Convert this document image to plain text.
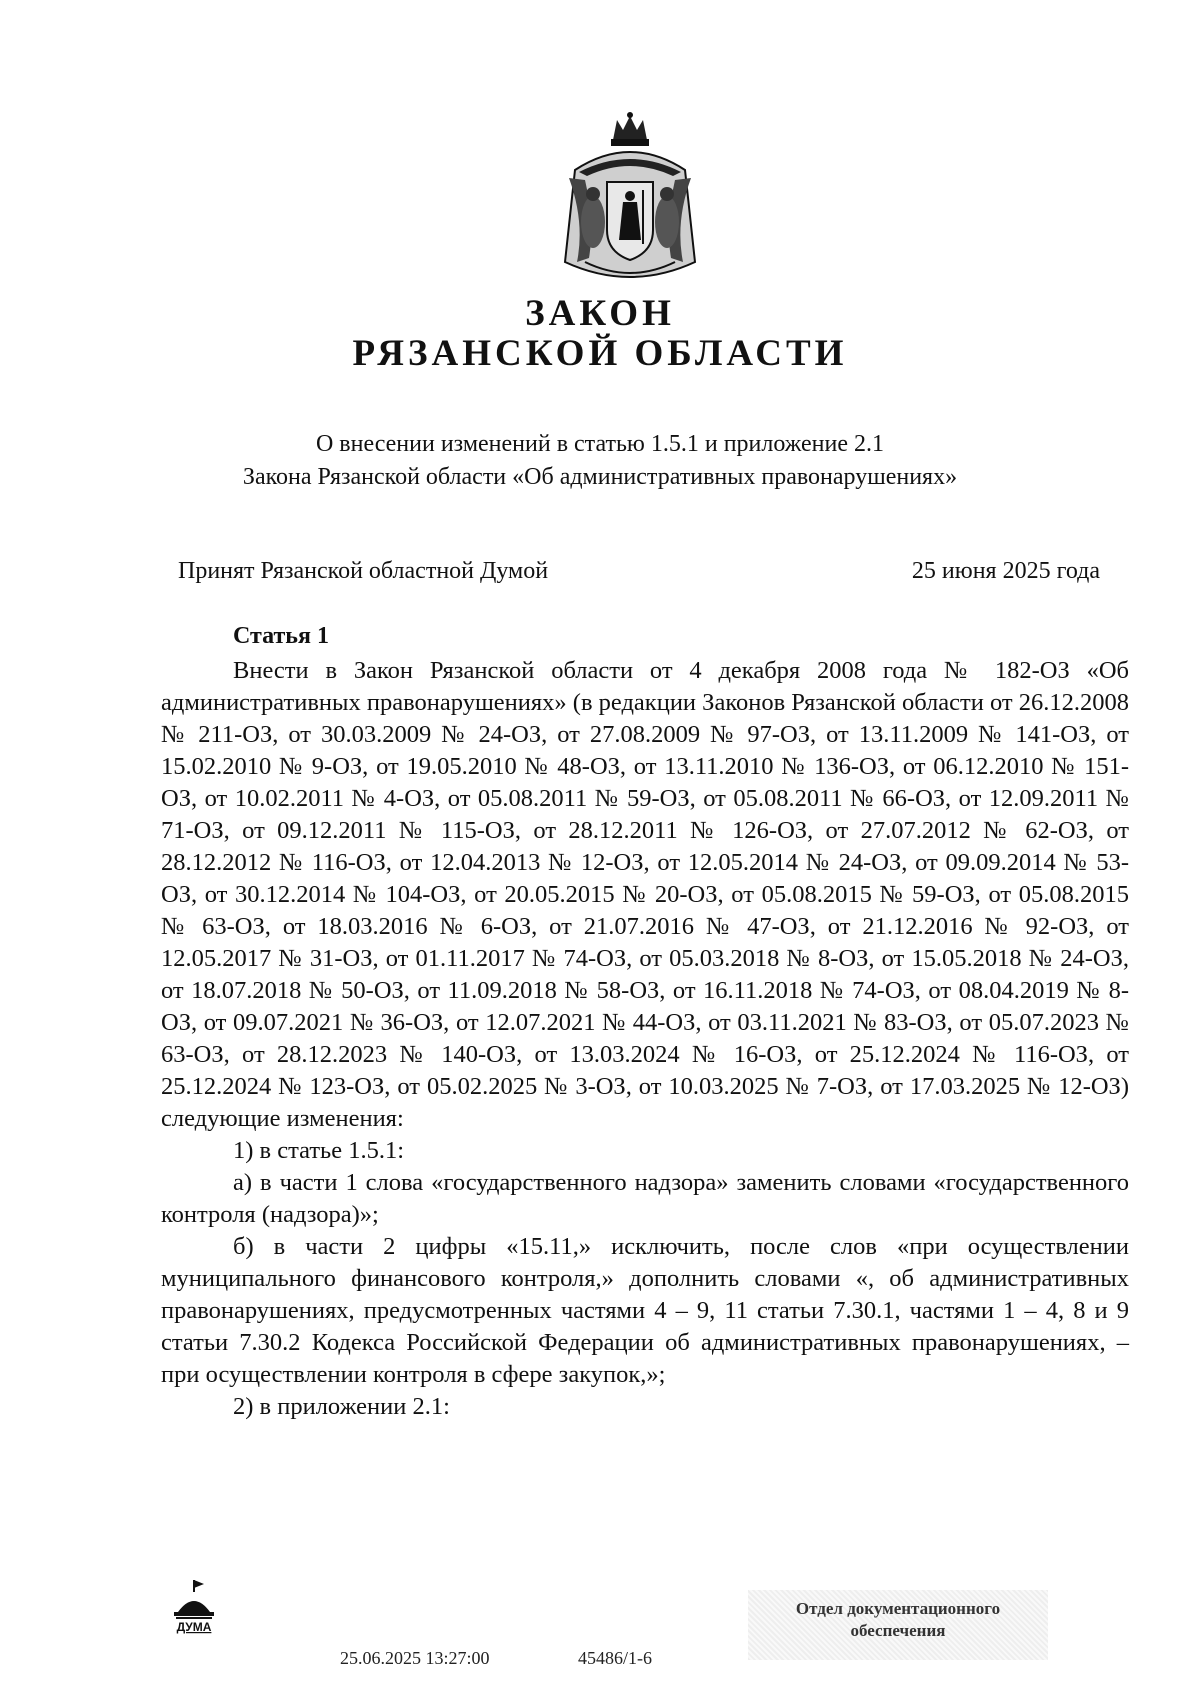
ЗАКОН
РЯЗАНСКОЙ ОБЛАСТИ
О внесении изменений в статью 1.5.1 и приложение 2.1
Закона Рязанской области «Об административных правонарушениях»
Принят Рязанской областной Думой	25 июня 2025 года
Статья 1

Внести в Закон Рязанской области от 4 декабря 2008 года № 182-ОЗ «Об административных правонарушениях» (в редакции Законов Рязанской области от 26.12.2008 № 211-ОЗ, от 30.03.2009 № 24-ОЗ, от 27.08.2009 № 97-ОЗ, от 13.11.2009 № 141-ОЗ, от 15.02.2010 № 9-ОЗ, от 19.05.2010 № 48-ОЗ, от 13.11.2010 № 136-ОЗ, от 06.12.2010 № 151-ОЗ, от 10.02.2011 № 4-ОЗ, от 05.08.2011 № 59-ОЗ, от 05.08.2011 № 66-ОЗ, от 12.09.2011 № 71-ОЗ, от 09.12.2011 № 115-ОЗ, от 28.12.2011 № 126-ОЗ, от 27.07.2012 № 62-ОЗ, от 28.12.2012 № 116-ОЗ, от 12.04.2013 № 12-ОЗ, от 12.05.2014 № 24-ОЗ, от 09.09.2014 № 53-ОЗ, от 30.12.2014 № 104-ОЗ, от 20.05.2015 № 20-ОЗ, от 05.08.2015 № 59-ОЗ, от 05.08.2015 № 63-ОЗ, от 18.03.2016 № 6-ОЗ, от 21.07.2016 № 47-ОЗ, от 21.12.2016 № 92-ОЗ, от 12.05.2017 № 31-ОЗ, от 01.11.2017 № 74-ОЗ, от 05.03.2018 № 8-ОЗ, от 15.05.2018 № 24-ОЗ, от 18.07.2018 № 50-ОЗ, от 11.09.2018 № 58-ОЗ, от 16.11.2018 № 74-ОЗ, от 08.04.2019 № 8-ОЗ, от 09.07.2021 № 36-ОЗ, от 12.07.2021 № 44-ОЗ, от 03.11.2021 № 83-ОЗ, от 05.07.2023 № 63-ОЗ, от 28.12.2023 № 140-ОЗ, от 13.03.2024 № 16-ОЗ, от 25.12.2024 № 116-ОЗ, от 25.12.2024 № 123-ОЗ, от 05.02.2025 № 3-ОЗ, от 10.03.2025 № 7-ОЗ, от 17.03.2025 № 12-ОЗ) следующие изменения:

1) в статье 1.5.1:

а) в части 1 слова «государственного надзора» заменить словами «государственного контроля (надзора)»;

б) в части 2 цифры «15.11,» исключить, после слов «при осуществлении муниципального финансового контроля,» дополнить словами «, об административных правонарушениях, предусмотренных частями 4 – 9, 11 статьи 7.30.1, частями 1 – 4, 8 и 9 статьи 7.30.2 Кодекса Российской Федерации об административных правонарушениях, – при осуществлении контроля в сфере закупок,»;

2) в приложении 2.1:

ДУМА
25.06.2025 13:27:00	45486/1-6
Отдел документационного
обеспечения
